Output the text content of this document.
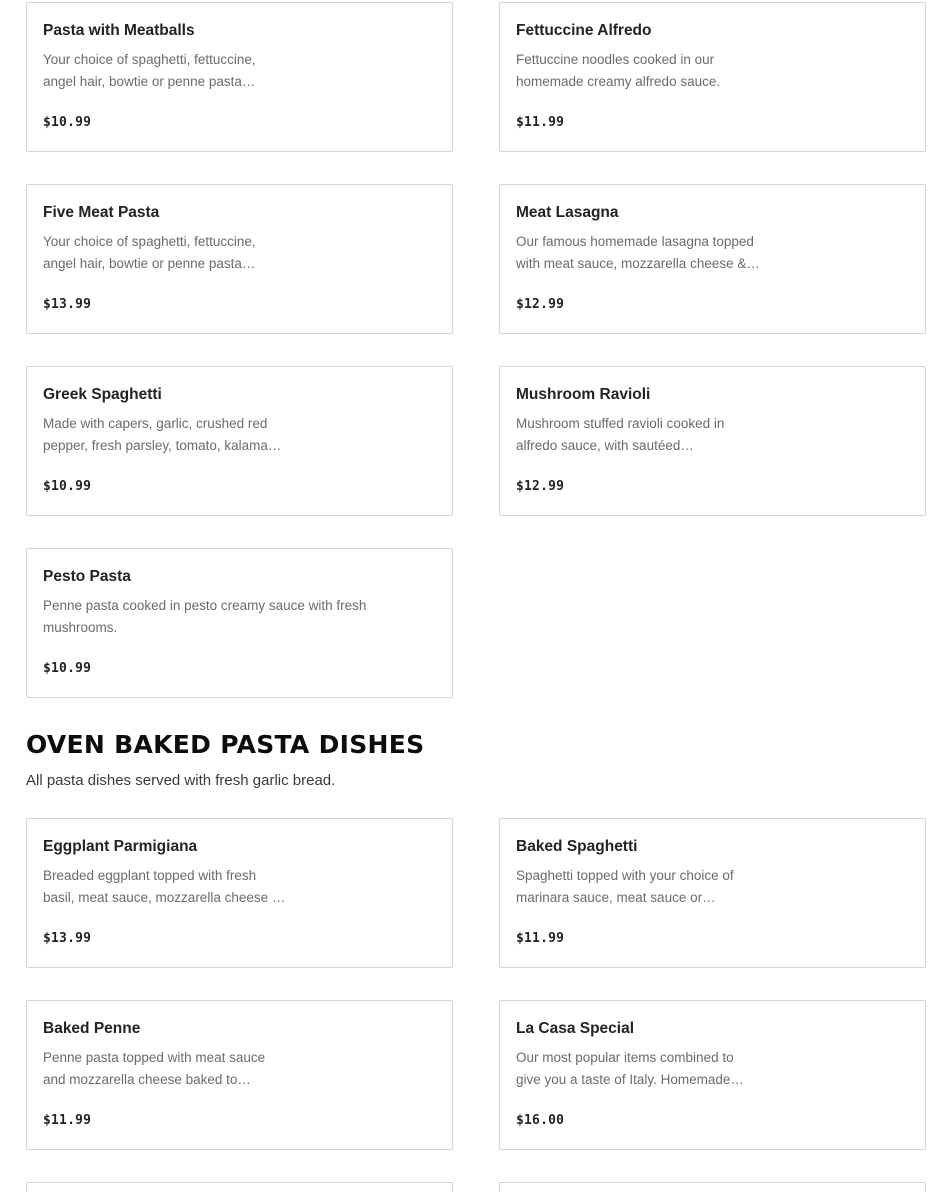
Pasta with Meatballs
Your choice of spaghetti, fettuccine,
angel hair, bowtie or penne pasta…
$10.99
Fettuccine Alfredo
Fettuccine noodles cooked in our
homemade creamy alfredo sauce.
$11.99
Five Meat Pasta
Your choice of spaghetti, fettuccine,
angel hair, bowtie or penne pasta…
$13.99
Meat Lasagna
Our famous homemade lasagna topped
with meat sauce, mozzarella cheese &…
$12.99
Greek Spaghetti
Made with capers, garlic, crushed red
pepper, fresh parsley, tomato, kalama…
$10.99
Mushroom Ravioli
Mushroom stuffed ravioli cooked in
alfredo sauce, with sautéed…
$12.99
Pesto Pasta
Penne pasta cooked in pesto creamy sauce with fresh
mushrooms.
$10.99
OVEN BAKED PASTA DISHES
All pasta dishes served with fresh garlic bread.
Eggplant Parmigiana
Breaded eggplant topped with fresh
basil, meat sauce, mozzarella cheese …
$13.99
Baked Spaghetti
Spaghetti topped with your choice of
marinara sauce, meat sauce or…
$11.99
Baked Penne
Penne pasta topped with meat sauce
and mozzarella cheese baked to…
$11.99
La Casa Special
Our most popular items combined to
give you a taste of Italy. Homemade…
$16.00
